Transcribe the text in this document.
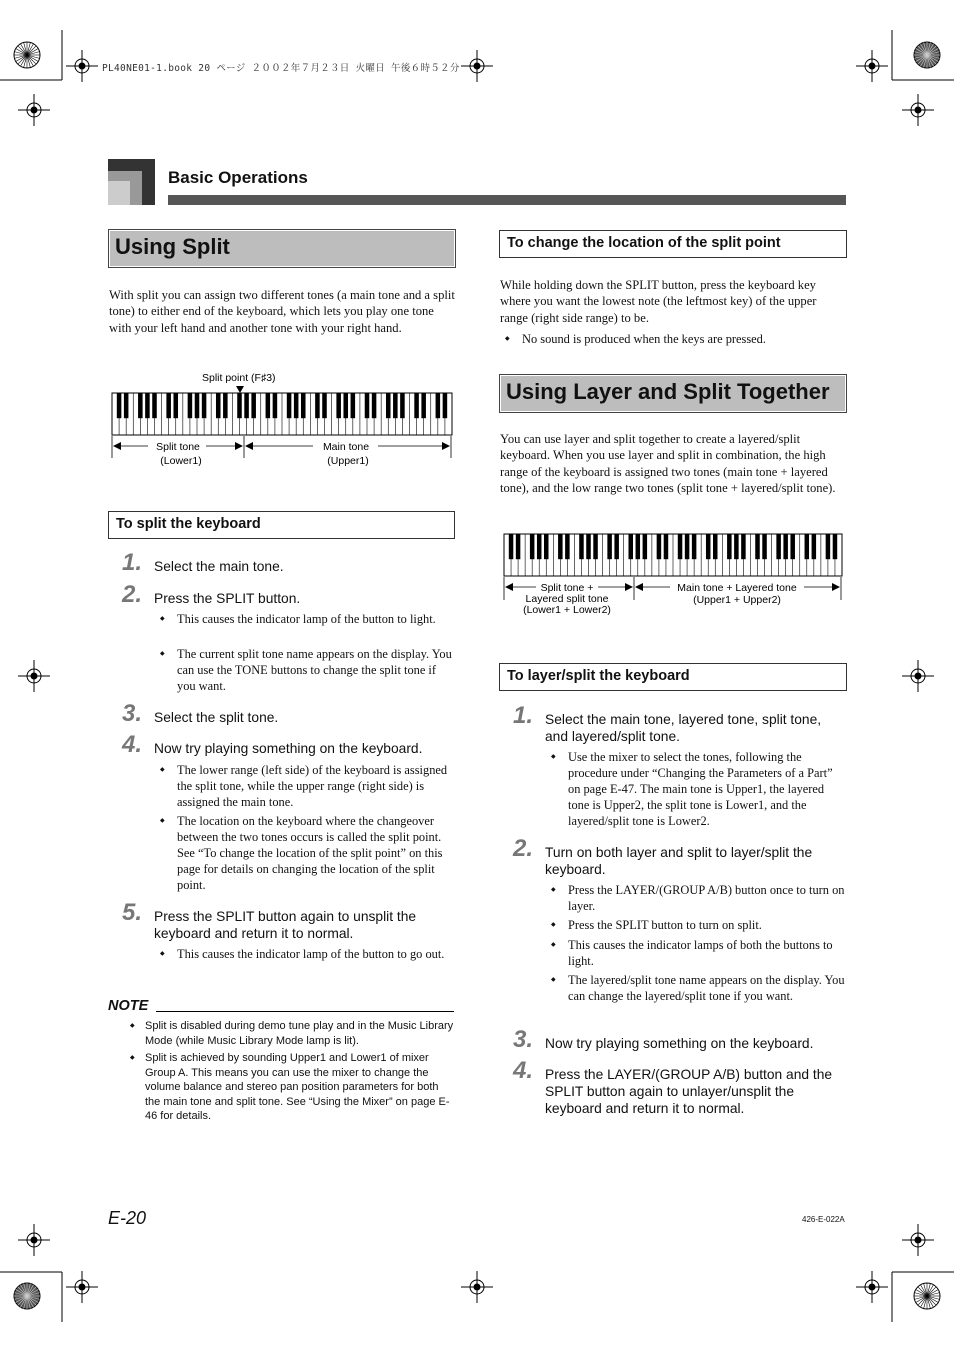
PL40NE01-1.book 20 ページ ２００２年７月２３日 火曜日 午後６時５２分
Basic Operations
Using Split

With split you can assign two different tones (a main tone and a split tone) to either end of the keyboard, which lets you play one tone with your left hand and another tone with your right hand.

Split point (F♯3)
Split tone
(Lower1)
Main tone
(Upper1)
To split the keyboard
1. Select the main tone.
2. Press the SPLIT button.
◆ This causes the indicator lamp of the button to light.
◆ The current split tone name appears on the display. You can use the TONE buttons to change the split tone if you want.
3. Select the split tone.
4. Now try playing something on the keyboard.
◆ The lower range (left side) of the keyboard is assigned the split tone, while the upper range (right side) is assigned the main tone.
◆ The location on the keyboard where the changeover between the two tones occurs is called the split point. See “To change the location of the split point” on this page for details on changing the location of the split point.
5. Press the SPLIT button again to unsplit the keyboard and return it to normal.
◆ This causes the indicator lamp of the button to go out.
NOTE
◆ Split is disabled during demo tune play and in the Music Library Mode (while Music Library Mode lamp is lit).
◆ Split is achieved by sounding Upper1 and Lower1 of mixer Group A. This means you can use the mixer to change the volume balance and stereo pan position parameters for both the main tone and split tone. See “Using the Mixer” on page E-46 for details.
To change the location of the split point

While holding down the SPLIT button, press the keyboard key where you want the lowest note (the leftmost key) of the upper range (right side range) to be.

◆ No sound is produced when the keys are pressed.
Using Layer and Split Together

You can use layer and split together to create a layered/split keyboard. When you use layer and split in combination, the high range of the keyboard is assigned two tones (main tone + layered tone), and the low range two tones (split tone + layered/split tone).

Split tone +
Layered split tone
(Lower1 + Lower2)
Main tone + Layered tone
(Upper1 + Upper2)
To layer/split the keyboard
1. Select the main tone, layered tone, split tone, and layered/split tone.
◆ Use the mixer to select the tones, following the procedure under “Changing the Parameters of a Part” on page E-47. The main tone is Upper1, the layered tone is Upper2, the split tone is Lower1, and the layered/split tone is Lower2.
2. Turn on both layer and split to layer/split the keyboard.
◆ Press the LAYER/(GROUP A/B) button once to turn on layer.
◆ Press the SPLIT button to turn on split.
◆ This causes the indicator lamps of both the buttons to light.
◆ The layered/split tone name appears on the display. You can change the layered/split tone if you want.
3. Now try playing something on the keyboard.
4. Press the LAYER/(GROUP A/B) button and the SPLIT button again to unlayer/unsplit the keyboard and return it to normal.
E-20	426-E-022A
